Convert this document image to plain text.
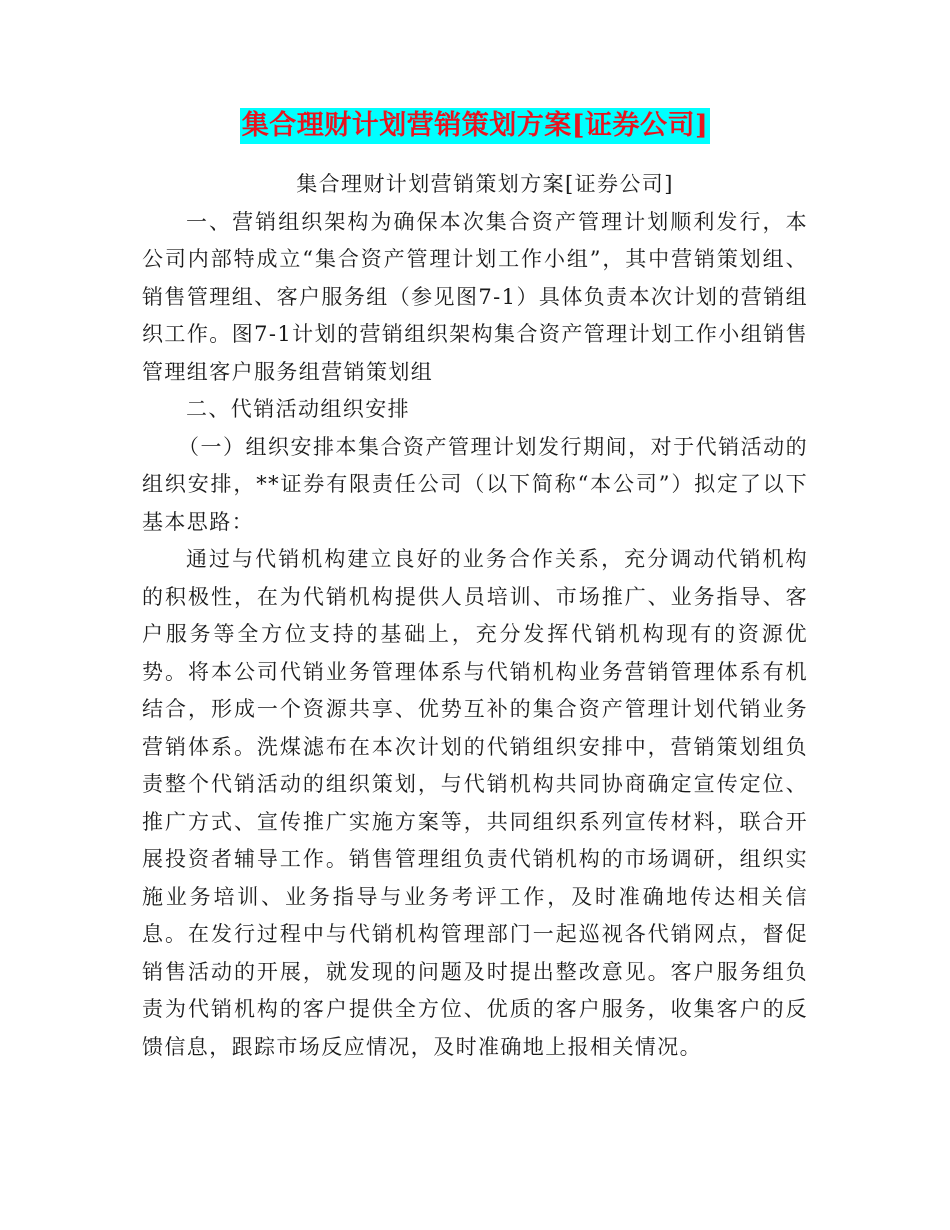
集合理财计划营销策划方案[证券公司]

集合理财计划营销策划方案[证券公司]

一、营销组织架构为确保本次集合资产管理计划顺利发行，本公司内部特成立“集合资产管理计划工作小组”，其中营销策划组、销售管理组、客户服务组（参见图7-1）具体负责本次计划的营销组织工作。图7-1计划的营销组织架构集合资产管理计划工作小组销售管理组客户服务组营销策划组

二、代销活动组织安排

（一）组织安排本集合资产管理计划发行期间，对于代销活动的组织安排，**证券有限责任公司（以下简称“本公司”）拟定了以下基本思路：

通过与代销机构建立良好的业务合作关系，充分调动代销机构的积极性，在为代销机构提供人员培训、市场推广、业务指导、客户服务等全方位支持的基础上，充分发挥代销机构现有的资源优势。将本公司代销业务管理体系与代销机构业务营销管理体系有机结合，形成一个资源共享、优势互补的集合资产管理计划代销业务营销体系。洗煤滤布在本次计划的代销组织安排中，营销策划组负责整个代销活动的组织策划，与代销机构共同协商确定宣传定位、推广方式、宣传推广实施方案等，共同组织系列宣传材料，联合开展投资者辅导工作。销售管理组负责代销机构的市场调研，组织实施业务培训、业务指导与业务考评工作，及时准确地传达相关信息。在发行过程中与代销机构管理部门一起巡视各代销网点，督促销售活动的开展，就发现的问题及时提出整改意见。客户服务组负责为代销机构的客户提供全方位、优质的客户服务，收集客户的反馈信息，跟踪市场反应情况，及时准确地上报相关情况。
